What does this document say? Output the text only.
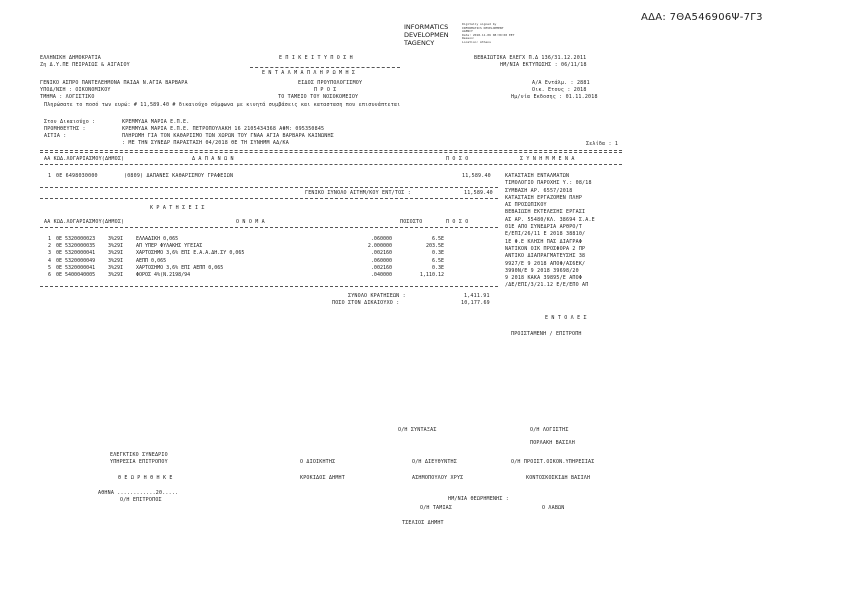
ΑΔΑ: 7ΘΑ546906Ψ-7Γ3
INFORMATICS
DEVELOPMEN
TAGENCY
Digitally signed by
INFORMATICS DEVELOPMENT
AGENCY
Date: 2018.11.06 08:39:00 EET
Reason:
Location: Athens
ΕΛΛΗΝΙΚΗ ΔΗΜΟΚΡΑΤΙΑ
Ζη Δ.Υ.ΠΕ ΠΕΙΡΑΙΩΣ & ΑΙΓΑΙΟΥ
Ε Π Ι Κ Ε Ι Τ Υ Π Ο Σ Η
Ε Ν Τ Α Λ Μ Α Π Λ Η Ρ Ω Μ Η Σ
ΒΕΒΑΙΩΤΙΚΑ ΕΛΕΓΧ Π.Δ 136/31.12.2011
ΗΜ/ΝΙΑ ΕΚΤΥΠΩΣΗΣ : 06/11/18
ΓΕΝΙΚΟ ΑΣΠΡΟ ΠΑΝΤΕΛΕΗΜΟΝΑ ΠΑΙΔΑ Ν.ΑΓΙΑ ΒΑΡΒΑΡΑ
ΥΠΟΔ/ΝΣΗ : ΟΙΚΟΝΟΜΙΚΟΥ
ΤΜΗΜΑ : ΛΟΓΙΣΤΙΚΟ
ΕΙΔΟΣ ΠΡΟΥΠΟΛΟΓΙΣΜΟΥ
Π Ρ Ο Σ
ΤΟ ΤΑΜΕΙΟ ΤΟΥ ΝΟΣΟΚΟΜΕΙΟΥ
Α/Α Εντάλμ. : 2881
Οικ. Ετους : 2018
Ημ/νία Εκδοσης : 01.11.2018
Πληρώσατε το ποσό των ευρώ: # 11,589.40 # δικαιούχο σύμφωνα με κινητά συμβάσεις και κατασταση που επισυνάπτεται
Στον Δικαιούχο :	ΚΡΕΜΜΥΔΑ ΜΑΡΙΑ Ε.Π.Ε.
ΠΡΟΜΗΘΕΥΤΗΣ :	ΚΡΕΜΜΥΔΑ ΜΑΡΙΑ Ε.Π.Ε. ΠΕΤΡΟΠΟΥΛΑΚΗ 16 2105434368 ΑΦΜ: 095350845
ΑΙΤΙΑ :	ΠΛΗΡΩΜΗ ΓΙΑ ΤΟΝ ΚΑΘΑΡΙΣΜΟ ΤΩΝ ΧΩΡΩΝ ΤΟΥ ΓΝΑΑ ΑΓΙΑ ΒΑΡΒΑΡΑ ΚΑΙΝΩΝΗΣ
: ΜΕ ΤΗΝ ΣΥΝΕΔΡ ΠΑΡΑΣΤΑΣΗ 04/2018 ΘΕ ΤΗ ΣΥΝΗΜΜ ΑΔ/ΚΑ	Σελίδα : 1
ΑΑ ΚΩΔ.ΛΟΓΑΡΙΑΣΜΟΥ(ΔΗΜΟΣ)	Δ Α Π Α Ν Ω Ν	Π Ο Σ Ο	Σ Υ Ν Η Μ Μ Ε Ν Α
1 0Ε 6498030000	(0809) ΔΑΠΑΝΕΣ ΚΑΘΑΡΙΣΜΟΥ ΓΡΑΦΕΙΩΝ	11,589.40	ΚΑΤΑΣΤΑΣΗ ΕΝΤΑΛΜΑΤΩΝ
ΤΙΜΟΛΟΓΙΟ ΠΑΡΟΧΗΣ Υ.: 08/18
ΣΥΜΒΑΣΗ ΑΡ. 6557/2018
ΚΑΤΑΣΤΑΣΗ ΕΡΓΑΖΟΜΕΝ ΠΛΗΡ
ΑΣ ΠΡΟΣΩΠΙΚΟΥ
ΒΕΒΑΙΩΣΗ ΕΚΤΕΛΕΣΗΣ ΕΡΓΑΣΙ
ΑΣ ΑΡ. 55480/ΚΛ. 38694 Σ.Α.Ε
01Ε ΑΠΟ ΣΥΝΕΔΡΙΑ ΑΡΘΡΟ/Τ
Ε/ΕΠΙ/26/11 Ε 2018 38810/
1Ε Φ.Ε ΚΛΗΣΗ ΠΑΣ ΔΙΑΓΡΑΦ
ΝΑΤΙΚΟΝ ΟΙΚ ΠΡΟΣΦΟΡΑ 2 ΠΡ
ΑΝΤΙΚΟ ΔΙΑΠΡΑΓΜΑΤΕΥΣΗΣ 38
9927/Ε 9 2018 ΑΠΟΦ/ΑΣ6ΕΚ/
3990Ν/Ε 9 2018 39698/20
9 2018 ΚΑΚΑ 39895/Ε ΑΠΟΦ
/ΔΕ/ΕΠΙ/3/21.12 Ε/Ε/ΕΠΟ ΑΠ
ΓΕΝΙΚΟ ΣΥΝΟΛΟ ΑΙΤΗΜ/ΚΟΥ ΕΝΤ/ΤΟΣ :	11,589.40
Κ Ρ Α Τ Η Σ Ε Ι Σ
ΑΑ ΚΩΔ.ΛΟΓΑΡΙΑΣΜΟΥ(ΔΗΜΟΣ)	Ο Ν Ο Μ Α	ΠΟΣΟΣΤΟ	Π Ο Σ Ο
1	0Ε 5320000023	3%29Ι	ΕΛΛΑΔΙΚΗ 0,065	.060000	6.5Ε
2	0Ε 5320000035	3%29Ι	ΑΠ ΥΠΕΡ ΦΥΛΑΚΗΣ ΥΓΕΙΑΣ	2.000000	203.5Ε
3	0Ε 5320000041	3%29Ι	ΧΑΡΤΟΣΗΜΟ 3,6% ΕΠΙ Ε.Α.Α.ΔΗ.ΣΥ 0,065	.002160	0.3Ε
4	0Ε 5320000049	3%29Ι	ΑΕΠΠ 0,065	.060000	6.5Ε
5	0Ε 5320000041	3%29Ι	ΧΑΡΤΟΣΗΜΟ 3,6% ΕΠΙ ΑΕΠΠ 0,065	.002160	0.3Ε
6	0Ε 5400040005	3%29Ι	ΦΟΡΟΣ 4%(Ν.2198/94	.040000	1,110.12
ΣΥΝΟΛΟ ΚΡΑΤΗΣΕΩΝ :	1,411.91
ΠΟΣΟ ΣΤΟΝ ΔΙΚΑΙΟΥΧΟ :	10,177.69
Ε Ν Τ Ο Λ Ε Σ
ΠΡΟΙΣΤΑΜΕΝΗ / ΕΠΙΤΡΟΠΗ
Ο/Η ΣΥΝΤΑΞΑΣ	Ο/Η ΛΟΓΙΣΤΗΣ
ΠΟΡΛΑΚΗ ΒΑΣΙΛΗ
ΕΛΕΓΚΤΙΚΟ ΣΥΝΕΔΡΙΟ
ΥΠΗΡΕΣΙΑ ΕΠΙΤΡΟΠΟΥ	Ο ΔΙΟΙΚΗΤΗΣ	Ο/Η ΔΙΕΥΘΥΝΤΗΣ	Ο/Η ΠΡΟΙΣΤ.ΟΙΚΟΝ.ΥΠΗΡΕΣΙΑΣ
Θ Ε Ω Ρ Η Θ Η Κ Ε	ΚΡΟΚΙΔΟΣ ΔΗΜΗΤ	ΑΣΗΜΟΠΟΥΛΟΥ ΧΡΥΣ	ΚΟΝΤΟΣΚΟΣΚΙΔΗ ΒΑΣΙΛΗ
ΑΘΗΝΑ ............20.....
Ο/Η ΕΠΙΤΡΟΠΟΣ	ΗΜ/ΝΙΑ ΘΕΩΡΗΜΕΝΗΣ :
Ο/Η ΤΑΜΙΑΣ	Ο ΛΑΒΩΝ
ΤΣΕΛΙΟΣ ΔΗΜΗΤ
